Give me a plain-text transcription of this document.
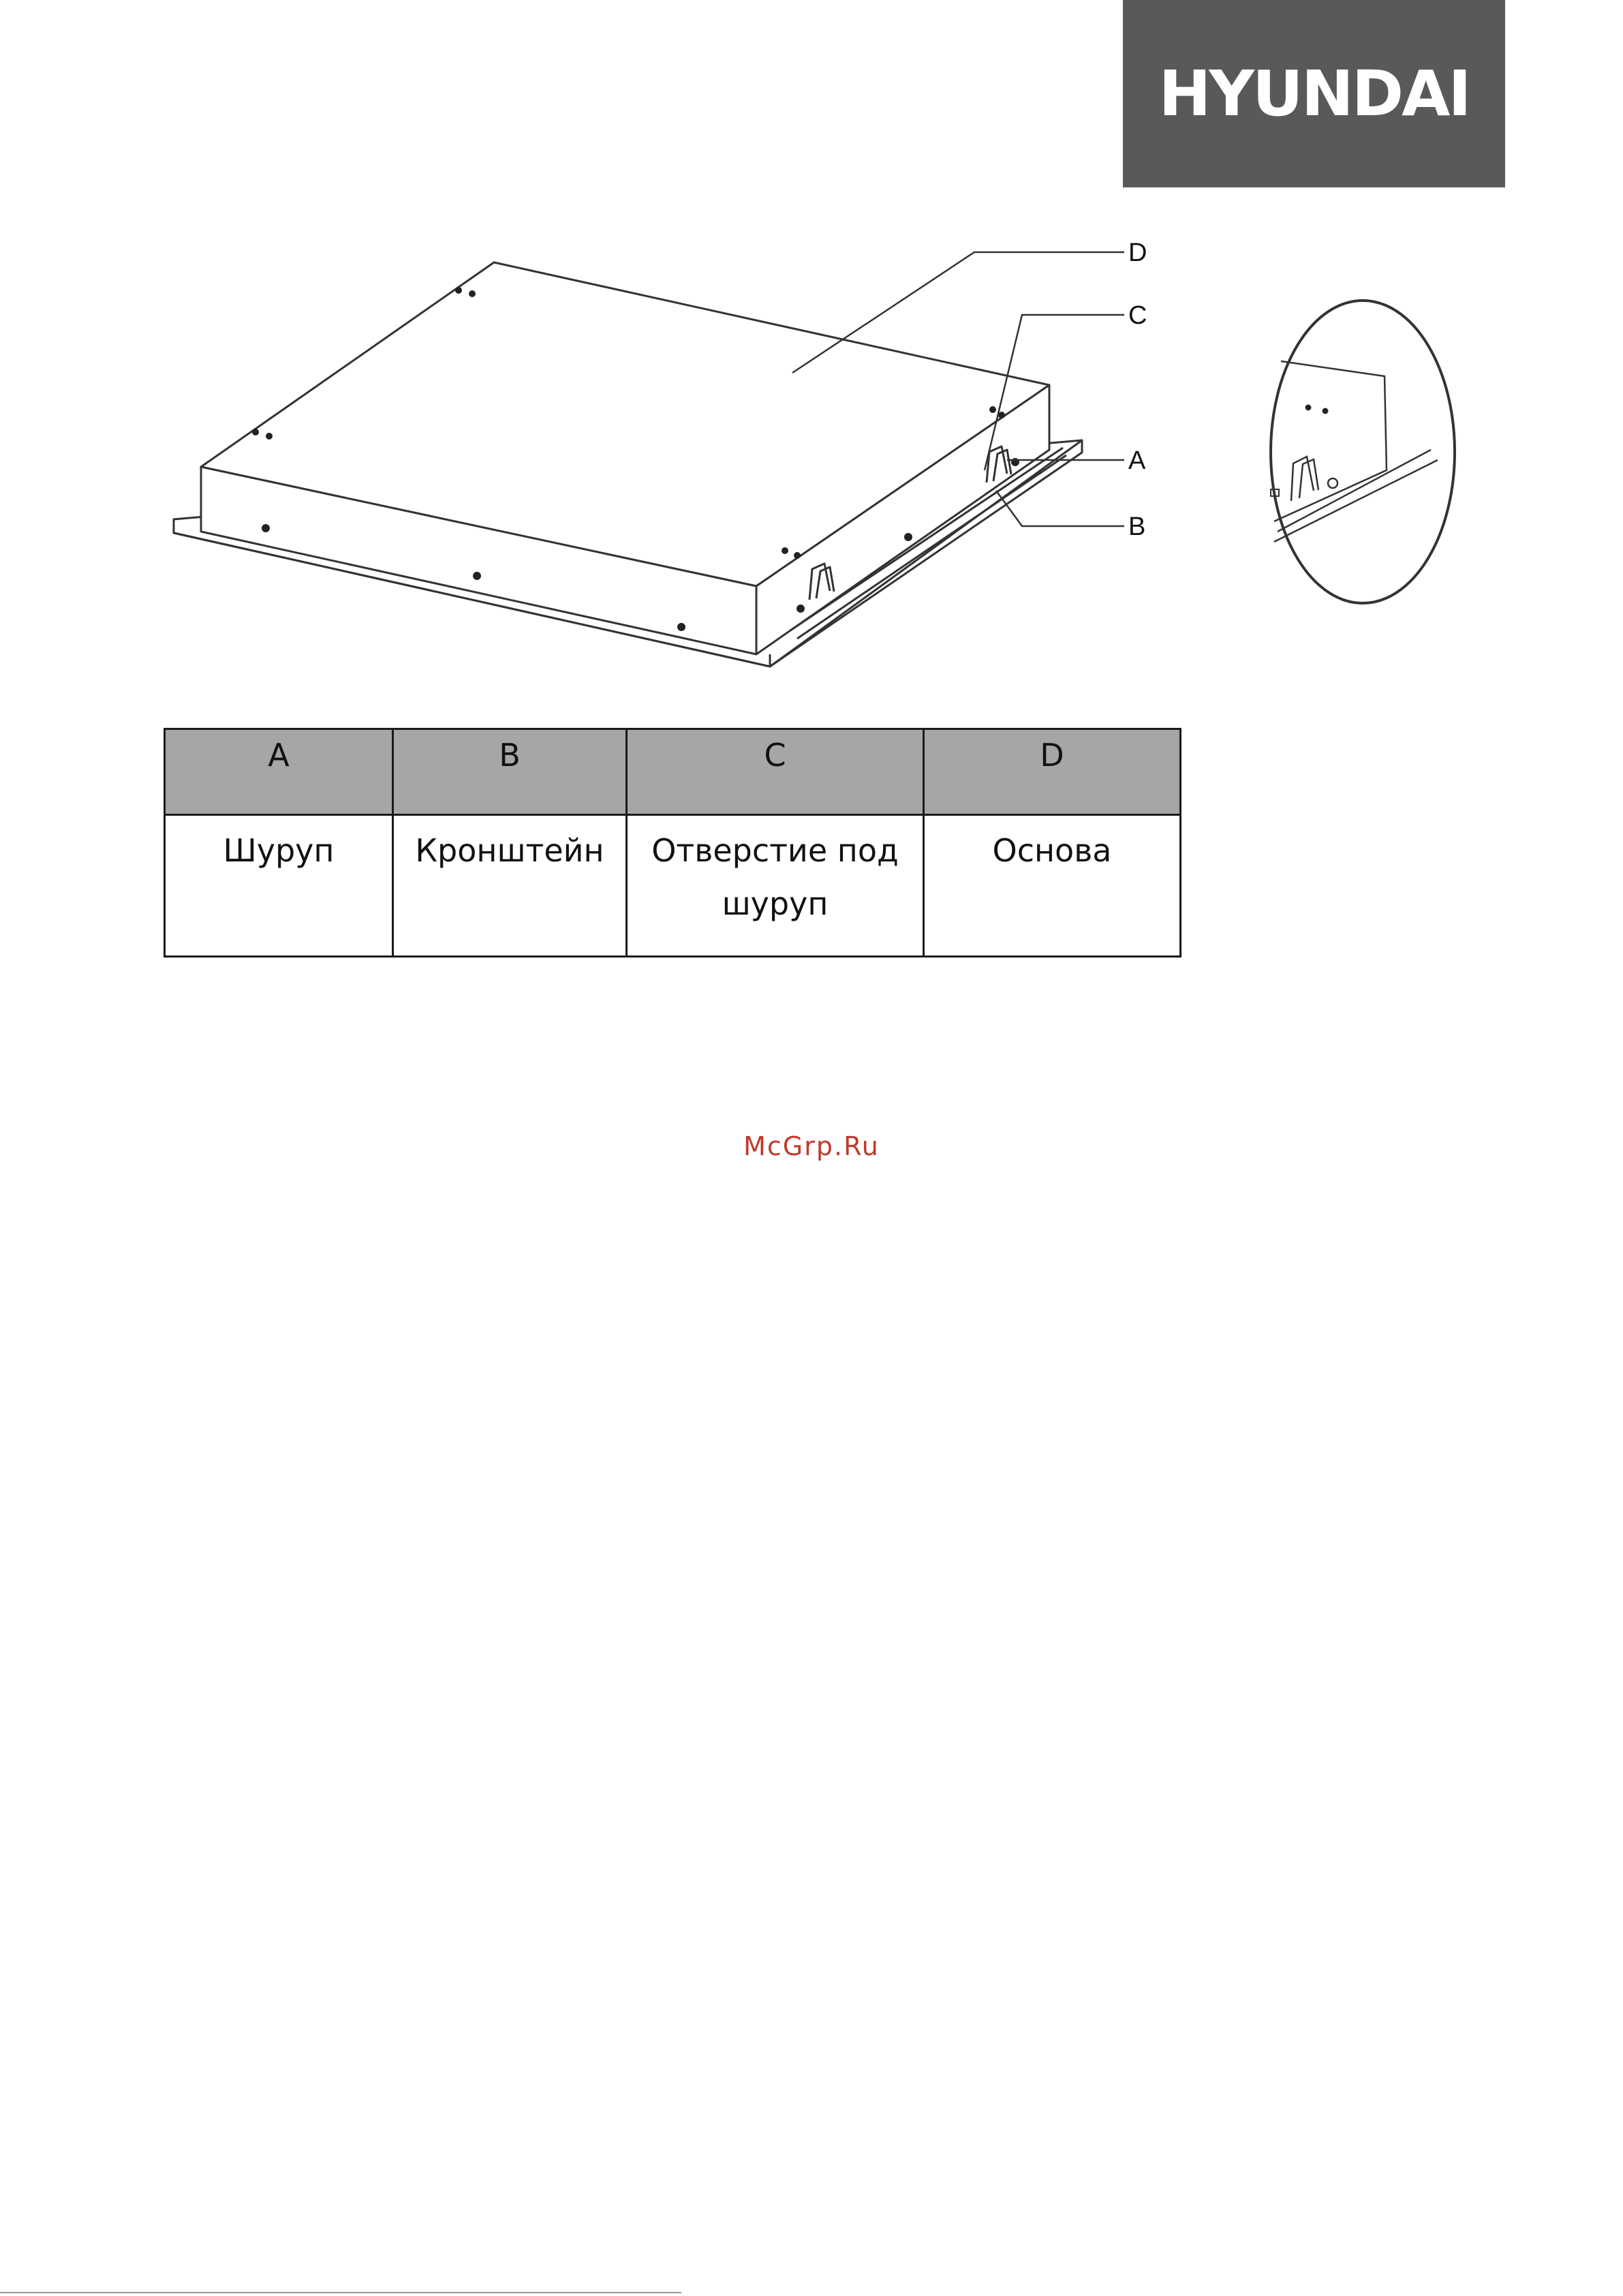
HYUNDAI
D
C
A
B
A	B	C	D
Шуруп	Кронштейн	Отверстие под шуруп	Основа
McGrp.Ru
